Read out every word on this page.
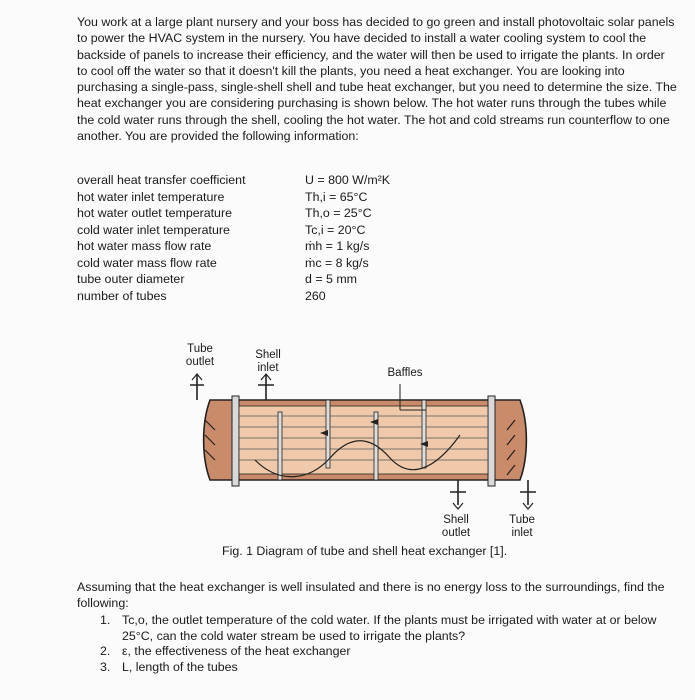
You work at a large plant nursery and your boss has decided to go green and install photovoltaic solar panels to power the HVAC system in the nursery. You have decided to install a water cooling system to cool the backside of panels to increase their efficiency, and the water will then be used to irrigate the plants. In order to cool off the water so that it doesn't kill the plants, you need a heat exchanger. You are looking into purchasing a single-pass, single-shell shell and tube heat exchanger, but you need to determine the size. The heat exchanger you are considering purchasing is shown below. The hot water runs through the tubes while the cold water runs through the shell, cooling the hot water. The hot and cold streams run counterflow to one another. You are provided the following information:
overall heat transfer coefficient	U = 800 W/m²K
hot water inlet temperature	Th,i = 65°C
hot water outlet temperature	Th,o = 25°C
cold water inlet temperature	Tc,i = 20°C
hot water mass flow rate	ṁh = 1 kg/s
cold water mass flow rate	ṁc = 8 kg/s
tube outer diameter	d = 5 mm
number of tubes	260
Tube
outlet
Shell
inlet	Baffles
Shell
outlet
Tube
inlet
Fig. 1 Diagram of tube and shell heat exchanger [1].
Assuming that the heat exchanger is well insulated and there is no energy loss to the surroundings, find the following:
1. Tc,o, the outlet temperature of the cold water. If the plants must be irrigated with water at or below 25°C, can the cold water stream be used to irrigate the plants?
2. ε, the effectiveness of the heat exchanger
3. L, length of the tubes
